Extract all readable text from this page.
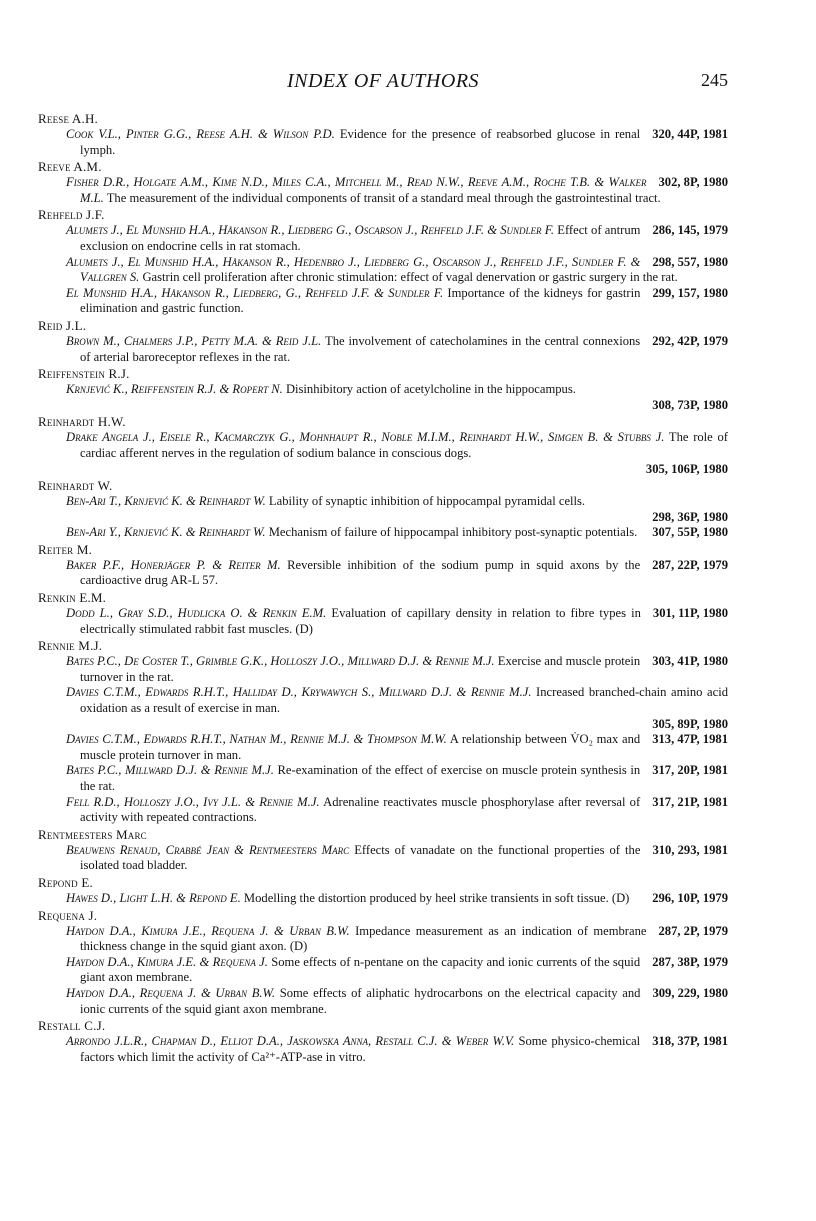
INDEX OF AUTHORS	245
Reese A.H.
320, 44P, 1981
Cook V.L., Pinter G.G., Reese A.H. & Wilson P.D. Evidence for the presence of reabsorbed glucose in renal lymph.
Reeve A.M.
302, 8P, 1980
Fisher D.R., Holgate A.M., Kime N.D., Miles C.A., Mitchell M., Read N.W., Reeve A.M., Roche T.B. & Walker M.L. The measurement of the individual components of transit of a standard meal through the gastrointestinal tract.
Rehfeld J.F.
286, 145, 1979
Alumets J., El Munshid H.A., Håkanson R., Liedberg G., Oscarson J., Rehfeld J.F. & Sundler F. Effect of antrum exclusion on endocrine cells in rat stomach.
298, 557, 1980
Alumets J., El Munshid H.A., Håkanson R., Hedenbro J., Liedberg G., Oscarson J., Rehfeld J.F., Sundler F. & Vallgren S. Gastrin cell proliferation after chronic stimulation: effect of vagal denervation or gastric surgery in the rat.
299, 157, 1980
El Munshid H.A., Håkanson R., Liedberg, G., Rehfeld J.F. & Sundler F. Importance of the kidneys for gastrin elimination and gastric function.
Reid J.L.
292, 42P, 1979
Brown M., Chalmers J.P., Petty M.A. & Reid J.L. The involvement of catecholamines in the central connexions of arterial baroreceptor reflexes in the rat.
Reiffenstein R.J.
Krnjević K., Reiffenstein R.J. & Ropert N. Disinhibitory action of acetylcholine in the hippocampus.
308, 73P, 1980
Reinhardt H.W.
Drake Angela J., Eisele R., Kacmarczyk G., Mohnhaupt R., Noble M.I.M., Reinhardt H.W., Simgen B. & Stubbs J. The role of cardiac afferent nerves in the regulation of sodium balance in conscious dogs.
305, 106P, 1980
Reinhardt W.
Ben-Ari T., Krnjević K. & Reinhardt W. Lability of synaptic inhibition of hippocampal pyramidal cells.
298, 36P, 1980
307, 55P, 1980
Ben-Ari Y., Krnjević K. & Reinhardt W. Mechanism of failure of hippocampal inhibitory post-synaptic potentials.
Reiter M.
287, 22P, 1979
Baker P.F., Honerjäger P. & Reiter M. Reversible inhibition of the sodium pump in squid axons by the cardioactive drug AR-L 57.
Renkin E.M.
301, 11P, 1980
Dodd L., Gray S.D., Hudlicka O. & Renkin E.M. Evaluation of capillary density in relation to fibre types in electrically stimulated rabbit fast muscles. (D)
Rennie M.J.
303, 41P, 1980
Bates P.C., De Coster T., Grimble G.K., Holloszy J.O., Millward D.J. & Rennie M.J. Exercise and muscle protein turnover in the rat.
Davies C.T.M., Edwards R.H.T., Halliday D., Krywawych S., Millward D.J. & Rennie M.J. Increased branched-chain amino acid oxidation as a result of exercise in man.
305, 89P, 1980
313, 47P, 1981
Davies C.T.M., Edwards R.H.T., Nathan M., Rennie M.J. & Thompson M.W. A relationship between V̇O₂ max and muscle protein turnover in man.
317, 20P, 1981
Bates P.C., Millward D.J. & Rennie M.J. Re-examination of the effect of exercise on muscle protein synthesis in the rat.
317, 21P, 1981
Fell R.D., Holloszy J.O., Ivy J.L. & Rennie M.J. Adrenaline reactivates muscle phosphorylase after reversal of activity with repeated contractions.
Rentmeesters Marc
310, 293, 1981
Beauwens Renaud, Crabbé Jean & Rentmeesters Marc Effects of vanadate on the functional properties of the isolated toad bladder.
Repond E.
296, 10P, 1979
Hawes D., Light L.H. & Repond E. Modelling the distortion produced by heel strike transients in soft tissue. (D)
Requena J.
287, 2P, 1979
Haydon D.A., Kimura J.E., Requena J. & Urban B.W. Impedance measurement as an indication of membrane thickness change in the squid giant axon. (D)
287, 38P, 1979
Haydon D.A., Kimura J.E. & Requena J. Some effects of n-pentane on the capacity and ionic currents of the squid giant axon membrane.
309, 229, 1980
Haydon D.A., Requena J. & Urban B.W. Some effects of aliphatic hydrocarbons on the electrical capacity and ionic currents of the squid giant axon membrane.
Restall C.J.
318, 37P, 1981
Arrondo J.L.R., Chapman D., Elliot D.A., Jaskowska Anna, Restall C.J. & Weber W.V. Some physico-chemical factors which limit the activity of Ca²⁺-ATP-ase in vitro.
